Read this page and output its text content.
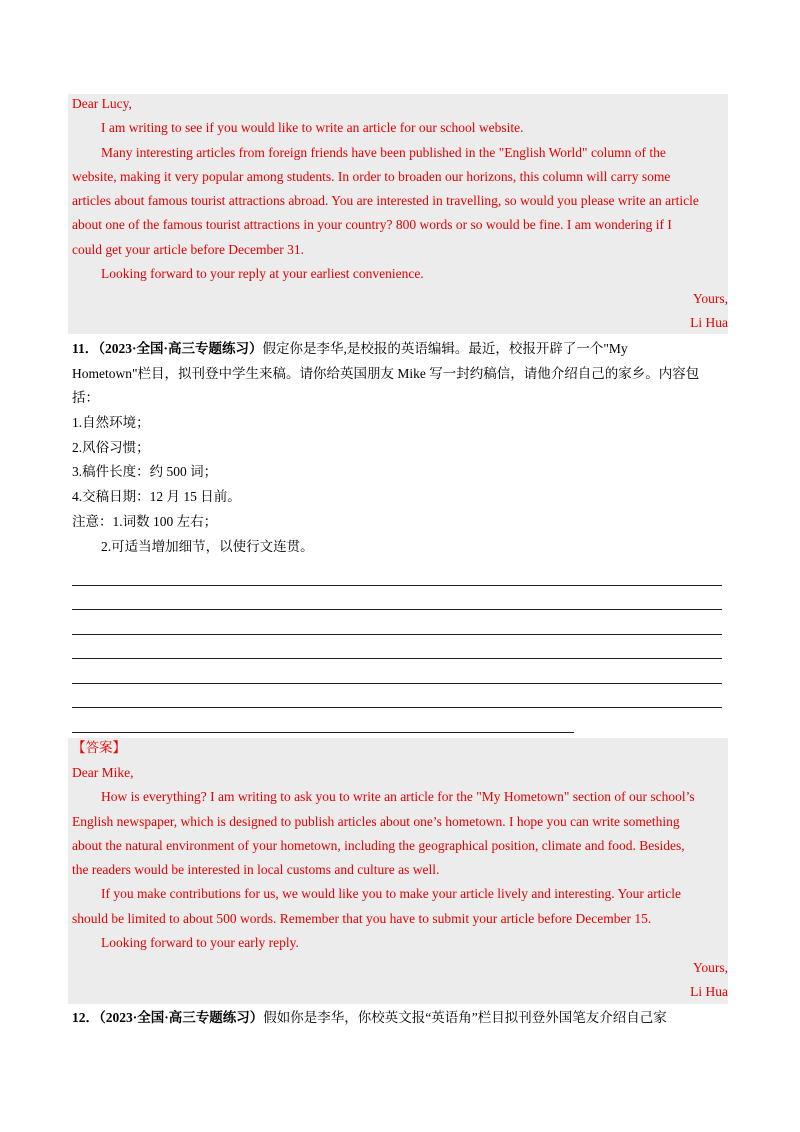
Dear Lucy,
I am writing to see if you would like to write an article for our school website.
Many interesting articles from foreign friends have been published in the "English World" column of the
website, making it very popular among students. In order to broaden our horizons, this column will carry some
articles about famous tourist attractions abroad. You are interested in travelling, so would you please write an article
about one of the famous tourist attractions in your country? 800 words or so would be fine. I am wondering if I
could get your article before December 31.
Looking forward to your reply at your earliest convenience.
Yours,
Li Hua
11．（2023·全国·高三专题练习）假定你是李华,是校报的英语编辑。最近，校报开辟了一个"My
Hometown"栏目，拟刊登中学生来稿。请你给英国朋友 Mike 写一封约稿信，请他介绍自己的家乡。内容包
括：
1.自然环境；
2.风俗习惯；
3.稿件长度：约 500 词；
4.交稿日期：12 月 15 日前。
注意：1.词数 100 左右；
2.可适当增加细节，以使行文连贯。
【答案】
Dear Mike,
How is everything? I am writing to ask you to write an article for the "My Hometown" section of our school’s
English newspaper, which is designed to publish articles about one’s hometown. I hope you can write something
about the natural environment of your hometown, including the geographical position, climate and food. Besides,
the readers would be interested in local customs and culture as well.
If you make contributions for us, we would like you to make your article lively and interesting. Your article
should be limited to about 500 words. Remember that you have to submit your article before December 15.
Looking forward to your early reply.
Yours,
Li Hua
12．（2023·全国·高三专题练习）假如你是李华，你校英文报“英语角”栏目拟刊登外国笔友介绍自己家
